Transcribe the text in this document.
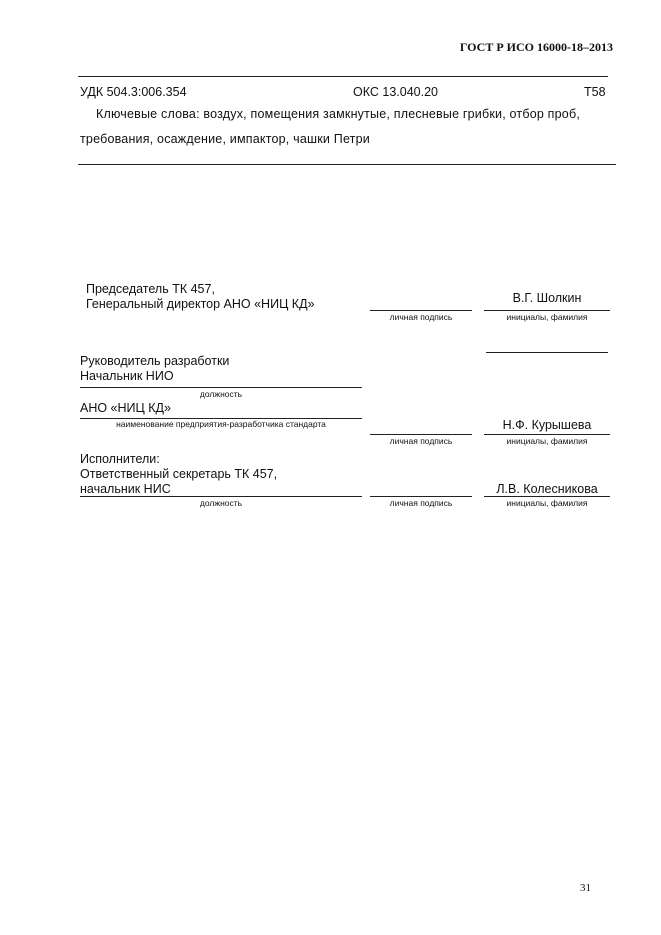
ГОСТ Р ИСО 16000-18–2013
УДК 504.3:006.354	ОКС 13.040.20	Т58
Ключевые слова: воздух, помещения замкнутые, плесневые грибки, отбор проб,
требования, осаждение, импактор, чашки Петри
Председатель ТК 457,
Генеральный директор АНО «НИЦ КД»	В.Г. Шолкин
личная подпись	инициалы, фамилия
Руководитель разработки
Начальник НИО
должность
АНО «НИЦ КД»
наименование предприятия-разработчика стандарта	Н.Ф. Курышева
личная подпись	инициалы, фамилия
Исполнители:
Ответственный секретарь ТК 457,
начальник НИС	Л.В. Колесникова
должность	личная подпись	инициалы, фамилия
31
